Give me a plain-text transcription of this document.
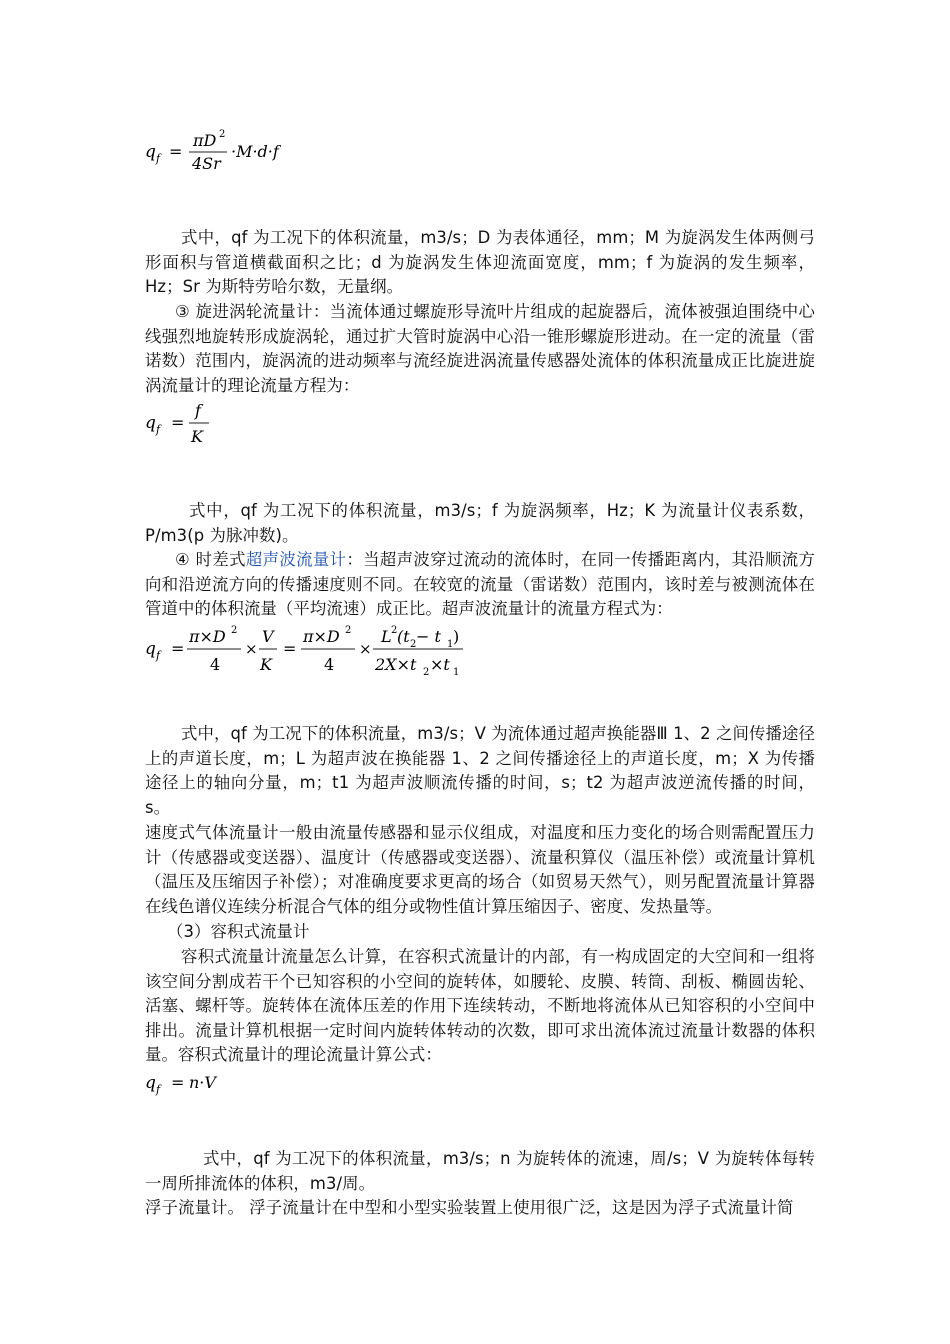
q f =
πD 2
4Sr
·M·d·f

式中，qf 为工况下的体积流量，m3/s；D 为表体通径，mm；M 为旋涡发生体两侧弓形面积与管道横截面积之比；d 为旋涡发生体迎流面宽度，mm；f 为旋涡的发生频率，Hz；Sr 为斯特劳哈尔数，无量纲。

③ 旋进涡轮流量计：当流体通过螺旋形导流叶片组成的起旋器后，流体被强迫围绕中心线强烈地旋转形成旋涡轮，通过扩大管时旋涡中心沿一锥形螺旋形进动。在一定的流量（雷诺数）范围内，旋涡流的进动频率与流经旋进涡流量传感器处流体的体积流量成正比旋进旋涡流量计的理论流量方程为：

q f =
f
K

式中，qf 为工况下的体积流量，m3/s；f 为旋涡频率，Hz；K 为流量计仪表系数，P/m3(p 为脉冲数)。

④ 时差式超声波流量计：当超声波穿过流动的流体时，在同一传播距离内，其沿顺流方向和沿逆流方向的传播速度则不同。在较宽的流量（雷诺数）范围内，该时差与被测流体在管道中的体积流量（平均流速）成正比。超声波流量计的流量方程式为：

q f =
π×D 2
4
×
V
K
=
π×D 2
4
×
L 2 (t 2 − t 1 )
2X×t 2 ×t 1

式中，qf 为工况下的体积流量，m3/s；V 为流体通过超声换能器Ⅲ 1、2 之间传播途径上的声道长度，m；L 为超声波在换能器 1、2 之间传播途径上的声道长度，m；X 为传播途径上的轴向分量，m；t1 为超声波顺流传播的时间，s；t2 为超声波逆流传播的时间，s。

速度式气体流量计一般由流量传感器和显示仪组成，对温度和压力变化的场合则需配置压力计（传感器或变送器）、温度计（传感器或变送器）、流量积算仪（温压补偿）或流量计算机（温压及压缩因子补偿）；对准确度要求更高的场合（如贸易天然气），则另配置流量计算器在线色谱仪连续分析混合气体的组分或物性值计算压缩因子、密度、发热量等。

（3）容积式流量计

容积式流量计流量怎么计算，在容积式流量计的内部，有一构成固定的大空间和一组将该空间分割成若干个已知容积的小空间的旋转体，如腰轮、皮膜、转筒、刮板、椭圆齿轮、活塞、螺杆等。旋转体在流体压差的作用下连续转动，不断地将流体从已知容积的小空间中排出。流量计算机根据一定时间内旋转体转动的次数，即可求出流体流过流量计数器的体积量。容积式流量计的理论流量计算公式：

q f = n·V

式中，qf 为工况下的体积流量，m3/s；n 为旋转体的流速，周/s；V 为旋转体每转一周所排流体的体积，m3/周。

浮子流量计。 浮子流量计在中型和小型实验装置上使用很广泛，这是因为浮子式流量计简
